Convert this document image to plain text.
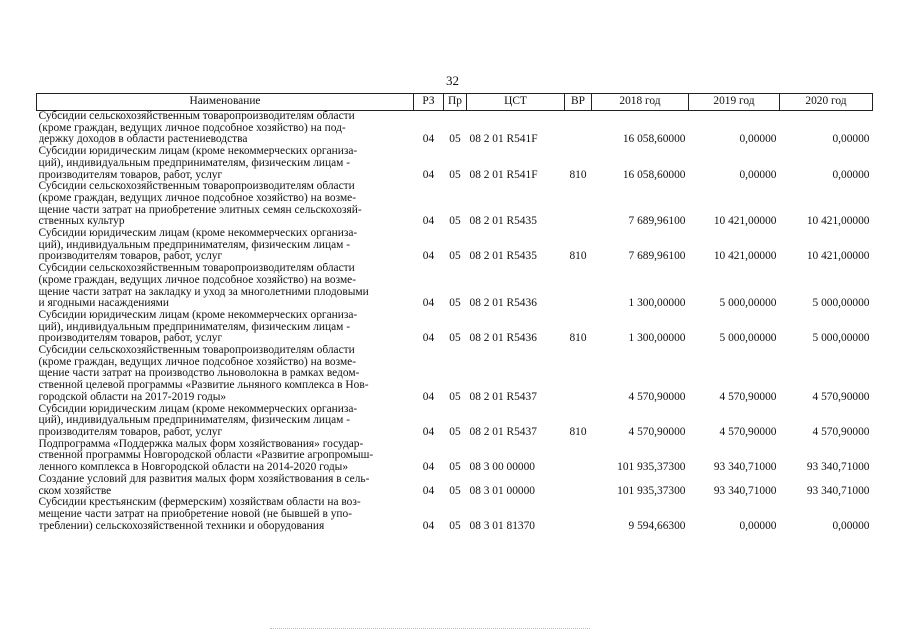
32
Наименование	РЗ	Пр	ЦСТ	ВР	2018 год	2019 год	2020 год

Субсидии сельскохозяйственным товаропроизводителям области
(кроме граждан, ведущих личное подсобное хозяйство) на под-
держку доходов в области растениеводства	04	05	08 2 01 R541F		16 058,60000	0,00000	0,00000

Субсидии юридическим лицам (кроме некоммерческих организа-
ций), индивидуальным предпринимателям, физическим лицам -
производителям товаров, работ, услуг	04	05	08 2 01 R541F	810	16 058,60000	0,00000	0,00000

Субсидии сельскохозяйственным товаропроизводителям области
(кроме граждан, ведущих личное подсобное хозяйство) на возме-
щение части затрат на приобретение элитных семян сельскохозяй-
ственных культур	04	05	08 2 01 R5435		7 689,96100	10 421,00000	10 421,00000

Субсидии юридическим лицам (кроме некоммерческих организа-
ций), индивидуальным предпринимателям, физическим лицам -
производителям товаров, работ, услуг	04	05	08 2 01 R5435	810	7 689,96100	10 421,00000	10 421,00000

Субсидии сельскохозяйственным товаропроизводителям области
(кроме граждан, ведущих личное подсобное хозяйство) на возме-
щение части затрат на закладку и уход за многолетними плодовыми
и ягодными насаждениями	04	05	08 2 01 R5436		1 300,00000	5 000,00000	5 000,00000

Субсидии юридическим лицам (кроме некоммерческих организа-
ций), индивидуальным предпринимателям, физическим лицам -
производителям товаров, работ, услуг	04	05	08 2 01 R5436	810	1 300,00000	5 000,00000	5 000,00000

Субсидии сельскохозяйственным товаропроизводителям области
(кроме граждан, ведущих личное подсобное хозяйство) на возме-
щение части затрат на производство льноволокна в рамках ведом-
ственной целевой программы «Развитие льняного комплекса в Нов-
городской области на 2017-2019 годы»	04	05	08 2 01 R5437		4 570,90000	4 570,90000	4 570,90000

Субсидии юридическим лицам (кроме некоммерческих организа-
ций), индивидуальным предпринимателям, физическим лицам -
производителям товаров, работ, услуг	04	05	08 2 01 R5437	810	4 570,90000	4 570,90000	4 570,90000

Подпрограмма «Поддержка малых форм хозяйствования» государ-
ственной программы Новгородской области «Развитие агропромыш-
ленного комплекса в Новгородской области на 2014-2020 годы»	04	05	08 3 00 00000		101 935,37300	93 340,71000	93 340,71000

Создание условий для развития малых форм хозяйствования в сель-
ском хозяйстве	04	05	08 3 01 00000		101 935,37300	93 340,71000	93 340,71000

Субсидии крестьянским (фермерским) хозяйствам области на воз-
мещение части затрат на приобретение новой (не бывшей в упо-
треблении) сельскохозяйственной техники и оборудования	04	05	08 3 01 81370		9 594,66300	0,00000	0,00000
